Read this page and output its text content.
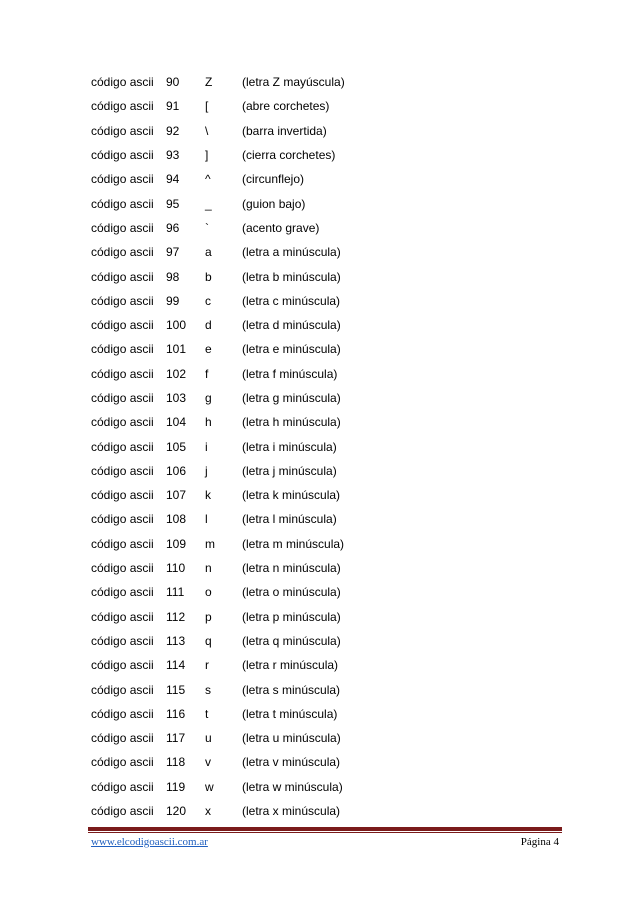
código ascii	90	Z	(letra Z mayúscula)
código ascii	91	[	(abre corchetes)
código ascii	92	\	(barra invertida)
código ascii	93	]	(cierra corchetes)
código ascii	94	^	(circunflejo)
código ascii	95	_	(guion bajo)
código ascii	96	`	(acento grave)
código ascii	97	a	(letra a minúscula)
código ascii	98	b	(letra b minúscula)
código ascii	99	c	(letra c minúscula)
código ascii	100	d	(letra d minúscula)
código ascii	101	e	(letra e minúscula)
código ascii	102	f	(letra f minúscula)
código ascii	103	g	(letra g minúscula)
código ascii	104	h	(letra h minúscula)
código ascii	105	i	(letra i minúscula)
código ascii	106	j	(letra j minúscula)
código ascii	107	k	(letra k minúscula)
código ascii	108	l	(letra l minúscula)
código ascii	109	m	(letra m minúscula)
código ascii	110	n	(letra n minúscula)
código ascii	111	o	(letra o minúscula)
código ascii	112	p	(letra p minúscula)
código ascii	113	q	(letra q minúscula)
código ascii	114	r	(letra r minúscula)
código ascii	115	s	(letra s minúscula)
código ascii	116	t	(letra t minúscula)
código ascii	117	u	(letra u minúscula)
código ascii	118	v	(letra v minúscula)
código ascii	119	w	(letra w minúscula)
código ascii	120	x	(letra x minúscula)
www.elcodigoascii.com.ar	Página 4
